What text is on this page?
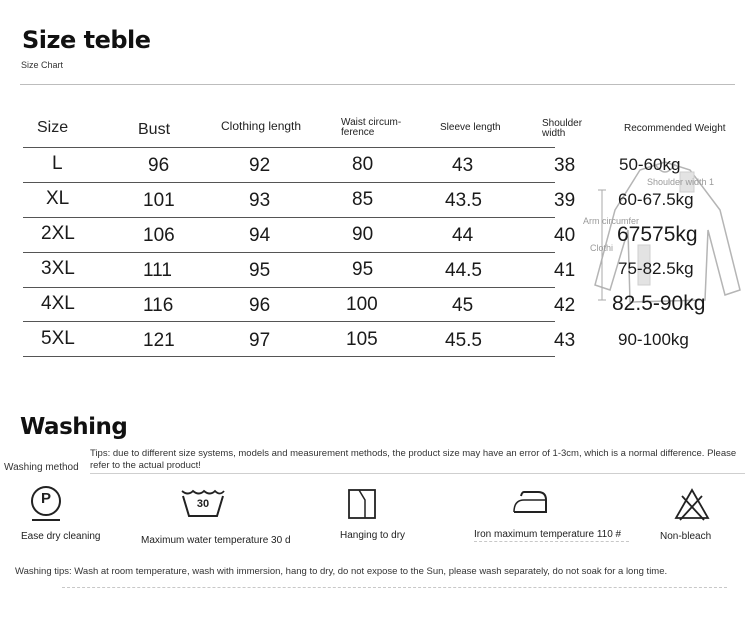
Size teble
Size Chart
Size	Bust	Clothing length	Waist circum-
ference	Sleeve length	Shoulder
width	Recommended Weight
Shoulder width 1
Arm circumfer
Clothi
L	96	92	80	43	38	50-60kg
XL	101	93	85	43.5	39	60-67.5kg
2XL	106	94	90	44	40 67575kg
3XL	111	95	95	44.5	41	75-82.5kg
4XL	116	96	100	45	42 82.5-90kg
5XL	121	97	105	45.5	43	90-100kg
Washing
Tips: due to different size systems, models and measurement methods, the product size may have an error of 1-3cm, which is a normal difference. Please refer to the actual product!
Washing method
P
Ease dry cleaning
30
Maximum water temperature 30 d	Hanging to dry	Iron maximum temperature 110 #	Non-bleach
Washing tips: Wash at room temperature, wash with immersion, hang to dry, do not expose to the Sun, please wash separately, do not soak for a long time.
